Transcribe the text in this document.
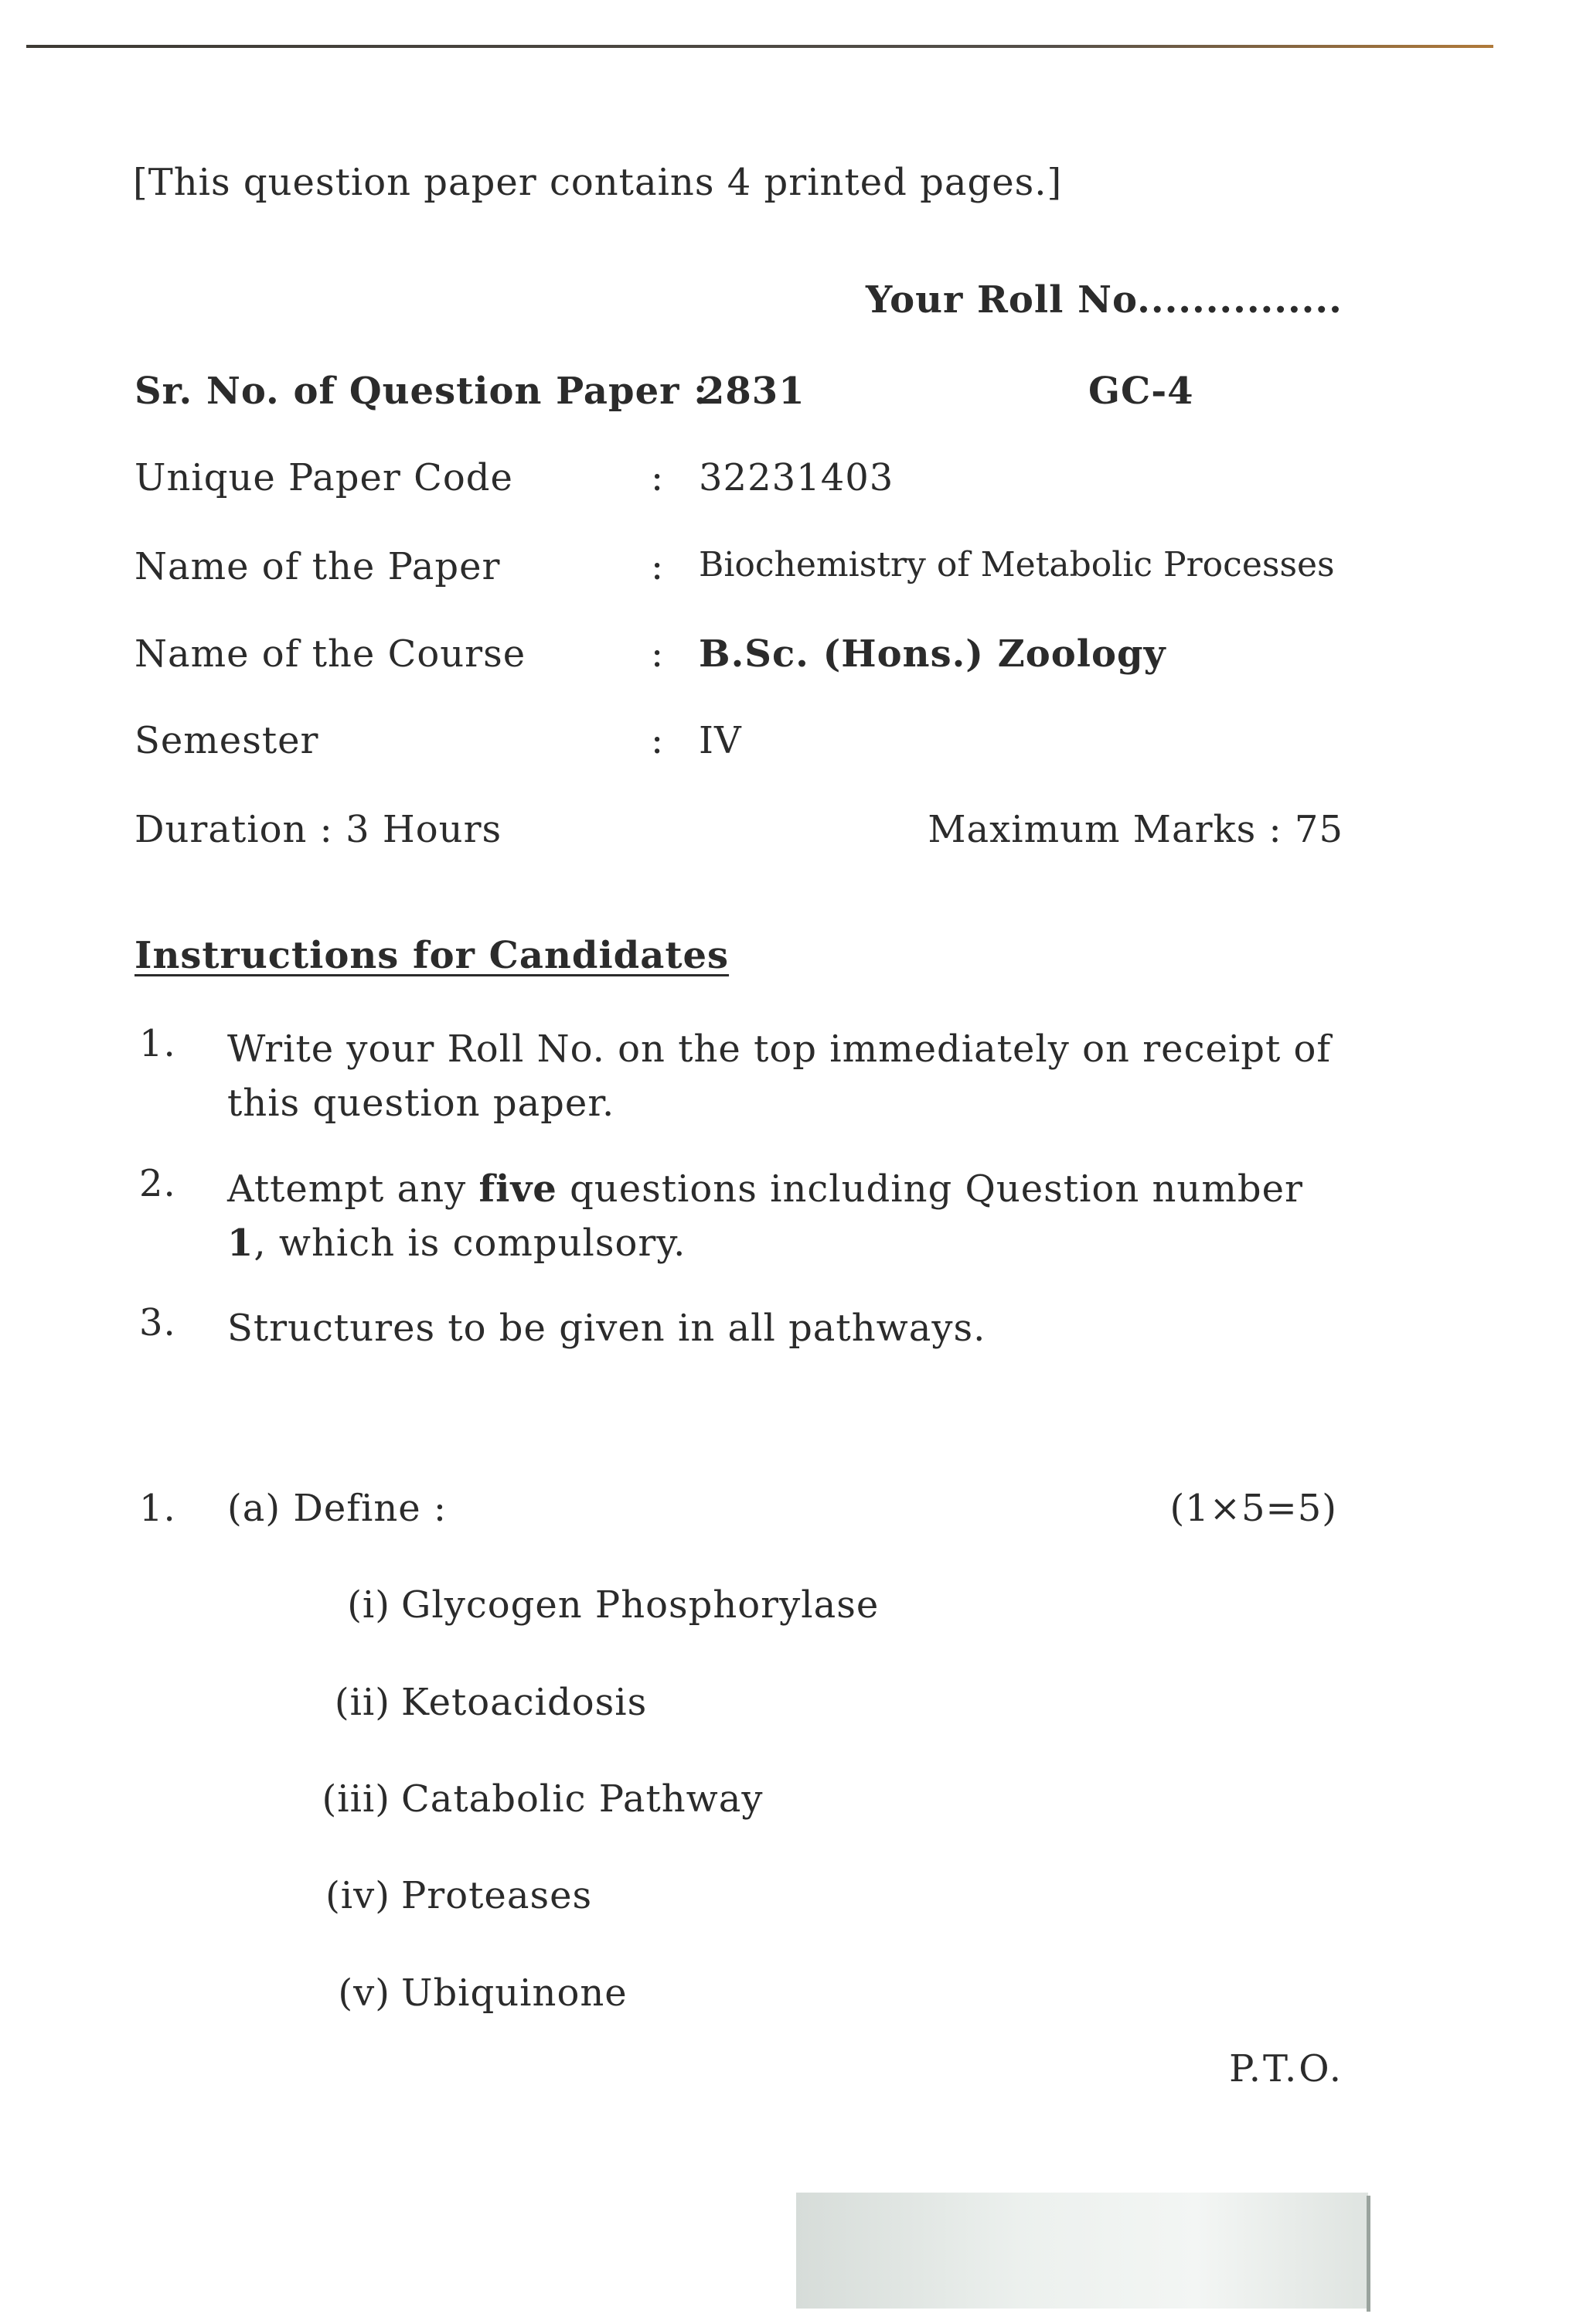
[This question paper contains 4 printed pages.]
Your Roll No...............
Sr. No. of Question Paper :
2831	GC-4
Unique Paper Code	: 32231403
Name of the Paper	: Biochemistry of Metabolic Processes
Name of the Course	: B.Sc. (Hons.) Zoology
Semester	: IV
Duration : 3 Hours	Maximum Marks : 75
Instructions for Candidates
1. Write your Roll No. on the top immediately on receipt of this question paper.
2. Attempt any five questions including Question number 1, which is compulsory.
3. Structures to be given in all pathways.
1. (a) Define :	(1×5=5)
(i) Glycogen Phosphorylase
(ii) Ketoacidosis
(iii) Catabolic Pathway
(iv) Proteases
(v) Ubiquinone
P.T.O.
